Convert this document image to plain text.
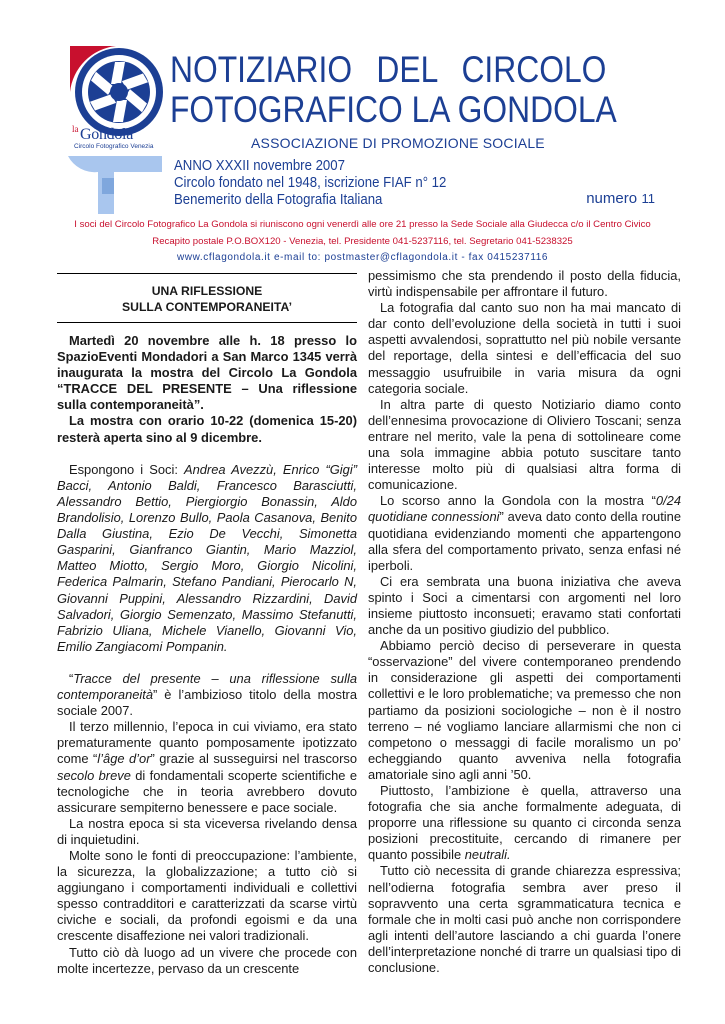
la Gondola
Circolo Fotografico Venezia
NOTIZIARIO DEL CIRCOLO
FOTOGRAFICO LA GONDOLA
ASSOCIAZIONE DI PROMOZIONE SOCIALE
ANNO XXXII novembre 2007
Circolo fondato nel 1948, iscrizione FIAF n° 12
Benemerito della Fotografia Italiana	numero 11
I soci del Circolo Fotografico La Gondola si riuniscono ogni venerdì alle ore 21 presso la Sede Sociale alla Giudecca c/o il Centro Civico
Recapito postale P.O.BOX120 - Venezia, tel. Presidente 041-5237116, tel. Segretario 041-5238325
www.cflagondola.it e-mail to: postmaster@cflagondola.it - fax 0415237116
UNA RIFLESSIONE
SULLA CONTEMPORANEITA’

Martedì 20 novembre alle h. 18 presso lo SpazioEventi Mondadori a San Marco 1345 verrà inaugurata la mostra del Circolo La Gondola “TRACCE DEL PRESENTE – Una riflessione sulla contemporaneità”.

La mostra con orario 10-22 (domenica 15-20) resterà aperta sino al 9 dicembre.

Espongono i Soci: Andrea Avezzù, Enrico “Gigi” Bacci, Antonio Baldi, Francesco Barasciutti, Alessandro Bettio, Piergiorgio Bonassin, Aldo Brandolisio, Lorenzo Bullo, Paola Casanova, Benito Dalla Giustina, Ezio De Vecchi, Simonetta Gasparini, Gianfranco Giantin, Mario Mazziol, Matteo Miotto, Sergio Moro, Giorgio Nicolini, Federica Palmarin, Stefano Pandiani, Pierocarlo N, Giovanni Puppini, Alessandro Rizzardini, David Salvadori, Giorgio Semenzato, Massimo Stefanutti, Fabrizio Uliana, Michele Vianello, Giovanni Vio, Emilio Zangiacomi Pompanin.

“Tracce del presente – una riflessione sulla contemporaneità” è l’ambizioso titolo della mostra sociale 2007.

Il terzo millennio, l’epoca in cui viviamo, era stato prematuramente quanto pomposamente ipotizzato come “l’âge d’or” grazie al susseguirsi nel trascorso secolo breve di fondamentali scoperte scientifiche e tecnologiche che in teoria avrebbero dovuto assicurare sempiterno benessere e pace sociale.

La nostra epoca si sta viceversa rivelando densa di inquietudini.

Molte sono le fonti di preoccupazione: l’ambiente, la sicurezza, la globalizzazione; a tutto ciò si aggiungano i comportamenti individuali e collettivi spesso contradditori e caratterizzati da scarse virtù civiche e sociali, da profondi egoismi e da una crescente disaffezione nei valori tradizionali.

Tutto ciò dà luogo ad un vivere che procede con molte incertezze, pervaso da un crescente

pessimismo che sta prendendo il posto della fiducia, virtù indispensabile per affrontare il futuro.

La fotografia dal canto suo non ha mai mancato di dar conto dell’evoluzione della società in tutti i suoi aspetti avvalendosi, soprattutto nel più nobile versante del reportage, della sintesi e dell’efficacia del suo messaggio usufruibile in varia misura da ogni categoria sociale.

In altra parte di questo Notiziario diamo conto dell’ennesima provocazione di Oliviero Toscani; senza entrare nel merito, vale la pena di sottolineare come una sola immagine abbia potuto suscitare tanto interesse molto più di qualsiasi altra forma di comunicazione.

Lo scorso anno la Gondola con la mostra “0/24 quotidiane connessioni” aveva dato conto della routine quotidiana evidenziando momenti che appartengono alla sfera del comportamento privato, senza enfasi né iperboli.

Ci era sembrata una buona iniziativa che aveva spinto i Soci a cimentarsi con argomenti nel loro insieme piuttosto inconsueti; eravamo stati confortati anche da un positivo giudizio del pubblico.

Abbiamo perciò deciso di perseverare in questa “osservazione” del vivere contemporaneo prendendo in considerazione gli aspetti dei comportamenti collettivi e le loro problematiche; va premesso che non partiamo da posizioni sociologiche – non è il nostro terreno – né vogliamo lanciare allarmismi che non ci competono o messaggi di facile moralismo un po’ echeggiando quanto avveniva nella fotografia amatoriale sino agli anni ’50.

Piuttosto, l’ambizione è quella, attraverso una fotografia che sia anche formalmente adeguata, di proporre una riflessione su quanto ci circonda senza posizioni precostituite, cercando di rimanere per quanto possibile neutrali.

Tutto ciò necessita di grande chiarezza espressiva; nell’odierna fotografia sembra aver preso il sopravvento una certa sgrammaticatura tecnica e formale che in molti casi può anche non corrispondere agli intenti dell’autore lasciando a chi guarda l’onere dell’interpretazione nonché di trarre un qualsiasi tipo di conclusione.
